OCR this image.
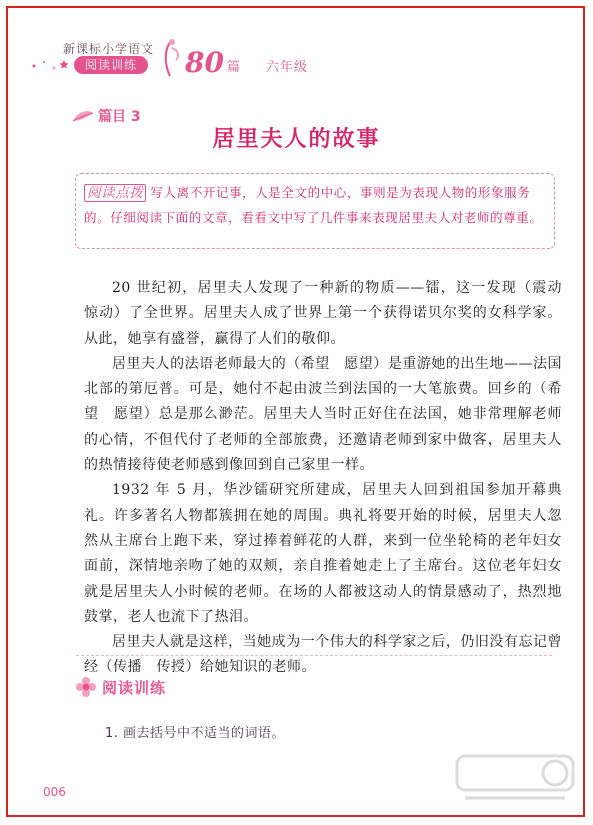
新课标小学语文
阅读训练	80 篇 六年级
篇目 3
居里夫人的故事
阅读点拨 写人离不开记事，人是全文的中心，事则是为表现人物的形象服务的。仔细阅读下面的文章，看看文中写了几件事来表现居里夫人对老师的尊重。

20 世纪初，居里夫人发现了一种新的物质——镭，这一发现（震动　惊动）了全世界。居里夫人成了世界上第一个获得诺贝尔奖的女科学家。从此，她享有盛誉，赢得了人们的敬仰。

居里夫人的法语老师最大的（希望　愿望）是重游她的出生地——法国北部的第厄普。可是，她付不起由波兰到法国的一大笔旅费。回乡的（希望　愿望）总是那么渺茫。居里夫人当时正好住在法国，她非常理解老师的心情，不但代付了老师的全部旅费，还邀请老师到家中做客，居里夫人的热情接待使老师感到像回到自己家里一样。

1932 年 5 月，华沙镭研究所建成，居里夫人回到祖国参加开幕典礼。许多著名人物都簇拥在她的周围。典礼将要开始的时候，居里夫人忽然从主席台上跑下来，穿过捧着鲜花的人群，来到一位坐轮椅的老年妇女面前，深情地亲吻了她的双颊，亲自推着她走上了主席台。这位老年妇女就是居里夫人小时候的老师。在场的人都被这动人的情景感动了，热烈地鼓掌，老人也流下了热泪。

居里夫人就是这样，当她成为一个伟大的科学家之后，仍旧没有忘记曾经（传播　传授）给她知识的老师。

阅读训练
1. 画去括号中不适当的词语。
006
